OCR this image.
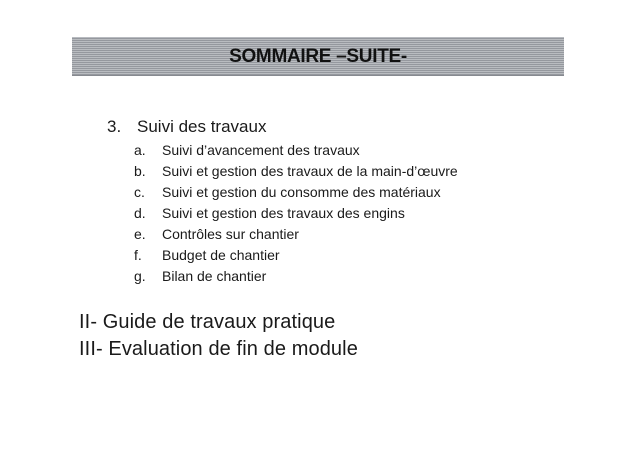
SOMMAIRE –SUITE-
3. Suivi des travaux
a. Suivi d’avancement des travaux
b. Suivi et gestion des travaux de la main-d’œuvre
c. Suivi et gestion du consomme des matériaux
d. Suivi et gestion des travaux des engins
e. Contrôles sur chantier
f. Budget de chantier
g. Bilan de chantier
II- Guide de travaux pratique
III- Evaluation de fin de module
